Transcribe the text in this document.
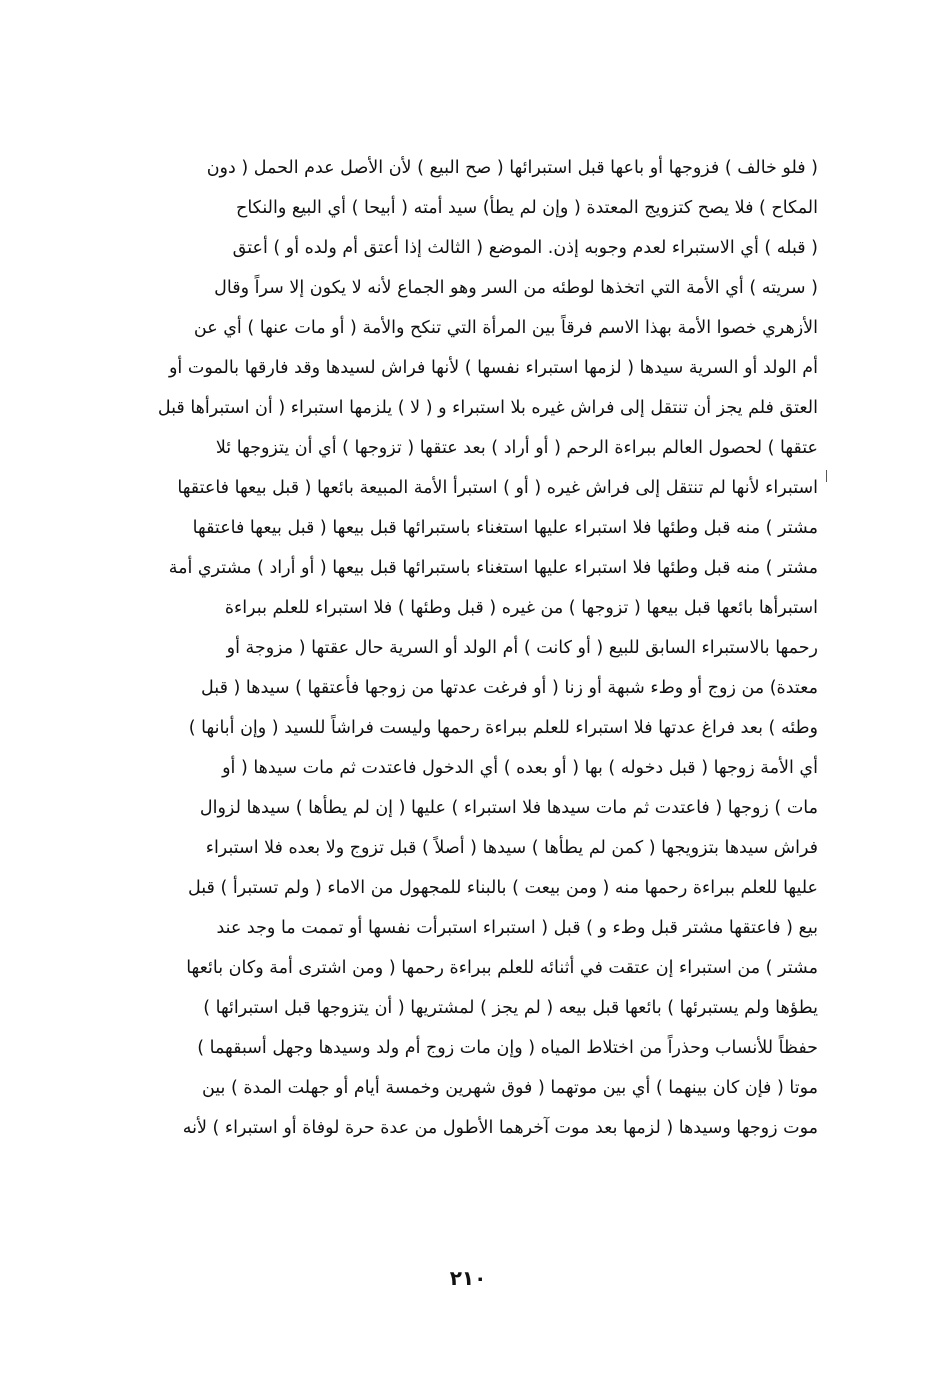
( فلو خالف ) فزوجها أو باعها قبل استبرائها ( صح البيع ) لأن الأصل عدم الحمل ( دون
المكاح ) فلا يصح كتزويج المعتدة ( وإن لم يطأ) سيد أمته ( أبيحا ) أي البيع والنكاح
( قبله ) أي الاستبراء لعدم وجوبه إذن. الموضع ( الثالث إذا أعتق أم ولده أو ) أعتق
( سريته ) أي الأمة التي اتخذها لوطئه من السر وهو الجماع لأنه لا يكون إلا سراً وقال
الأزهري خصوا الأمة بهذا الاسم فرقاً بين المرأة التي تنكح والأمة ( أو مات عنها ) أي عن
أم الولد أو السرية سيدها ( لزمها استبراء نفسها ) لأنها فراش لسيدها وقد فارقها بالموت أو
العتق فلم يجز أن تنتقل إلى فراش غيره بلا استبراء و ( لا ) يلزمها استبراء ( أن استبرأها قبل
عتقها ) لحصول العالم ببراءة الرحم ( أو أراد ) بعد عتقها ( تزوجها ) أي أن يتزوجها ئلا
استبراء لأنها لم تنتقل إلى فراش غيره ( أو ) استبرأ الأمة المبيعة بائعها ( قبل بيعها فاعتقها
مشتر ) منه قبل وطئها فلا استبراء عليها استغناء باستبرائها قبل بيعها ( قبل بيعها فاعتقها
مشتر ) منه قبل وطئها فلا استبراء عليها استغناء باستبرائها قبل بيعها ( أو أراد ) مشتري أمة
استبرأها بائعها قبل بيعها ( تزوجها ) من غيره ( قبل وطئها ) فلا استبراء للعلم ببراءة
رحمها بالاستبراء السابق للبيع ( أو كانت ) أم الولد أو السرية حال عقتها ( مزوجة أو
معتدة) من زوج أو وطء شبهة أو زنا ( أو فرغت عدتها من زوجها فأعتقها ) سيدها ( قبل
وطئه ) بعد فراغ عدتها فلا استبراء للعلم ببراءة رحمها وليست فراشاً للسيد ( وإن أبانها )
أي الأمة زوجها ( قبل دخوله ) بها ( أو بعده ) أي الدخول فاعتدت ثم مات سيدها ( أو
مات ) زوجها ( فاعتدت ثم مات سيدها فلا استبراء ) عليها ( إن لم يطأها ) سيدها لزوال
فراش سيدها بتزويجها ( كمن لم يطأها ) سيدها ( أصلاً ) قبل تزوج ولا بعده فلا استبراء
عليها للعلم ببراءة رحمها منه ( ومن بيعت ) بالبناء للمجهول من الاماء ( ولم تستبرأ ) قبل
بيع ( فاعتقها مشتر قبل وطء و ) قبل ( استبراء استبرأت نفسها أو تممت ما وجد عند
مشتر ) من استبراء إن عتقت في أثنائه للعلم ببراءة رحمها ( ومن اشترى أمة وكان بائعها
يطؤها ولم يستبرئها ) بائعها قبل بيعه ( لم يجز ) لمشتريها ( أن يتزوجها قبل استبرائها )
حفظاً للأنساب وحذراً من اختلاط المياه ( وإن مات زوج أم ولد وسيدها وجهل أسبقهما )
موتا ( فإن كان بينهما ) أي بين موتهما ( فوق شهرين وخمسة أيام أو جهلت المدة ) بين
موت زوجها وسيدها ( لزمها بعد موت آخرهما الأطول من عدة حرة لوفاة أو استبراء ) لأنه
٢١٠
